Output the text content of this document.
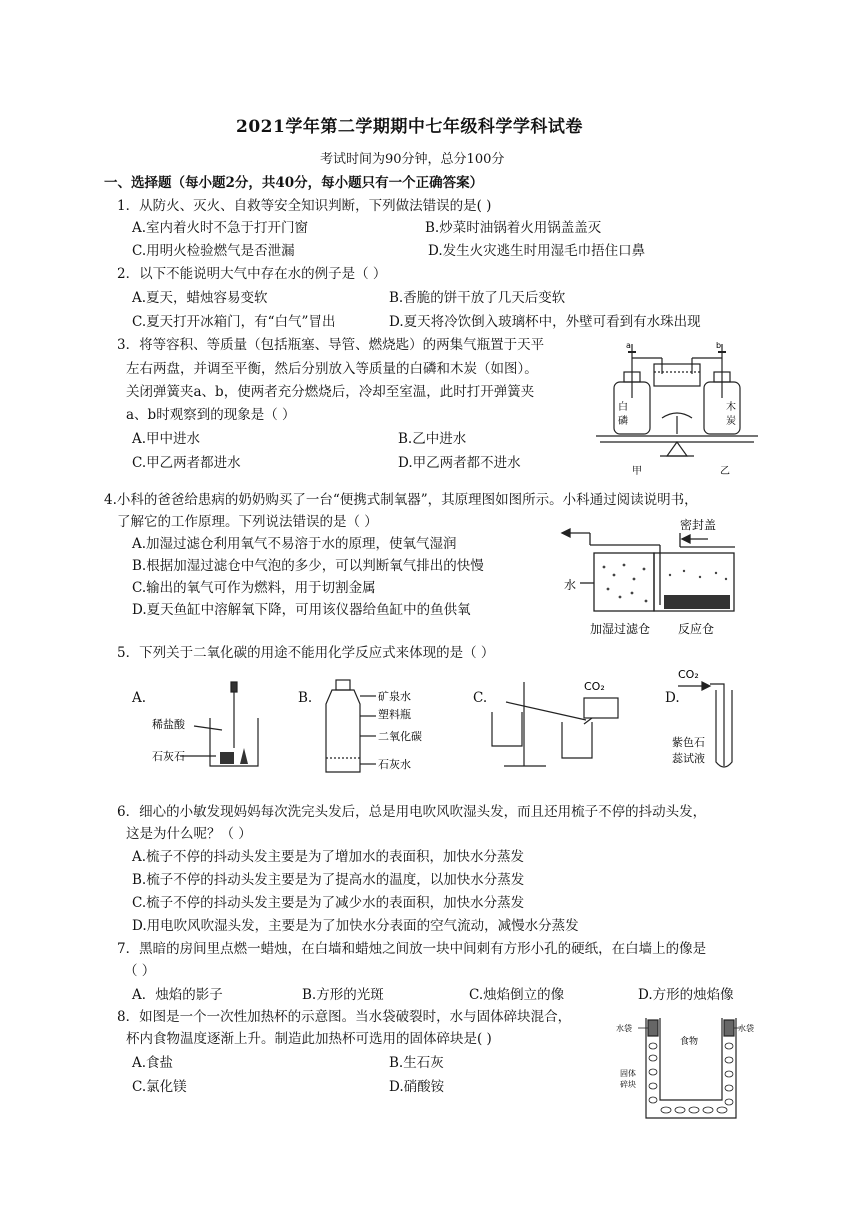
2021学年第二学期期中七年级科学学科试卷
考试时间为90分钟，总分100分
一、选择题（每小题2分，共40分，每小题只有一个正确答案）
1．从防火、灭火、自救等安全知识判断，下列做法错误的是( )
A.室内着火时不急于打开门窗	B.炒菜时油锅着火用锅盖盖灭
C.用明火检验燃气是否泄漏	D.发生火灾逃生时用湿毛巾捂住口鼻
2．以下不能说明大气中存在水的例子是（ ）
A.夏天，蜡烛容易变软	B.香脆的饼干放了几天后变软
C.夏天打开冰箱门，有“白气”冒出	D.夏天将冷饮倒入玻璃杯中，外壁可看到有水珠出现
3．将等容积、等质量（包括瓶塞、导管、燃烧匙）的两集气瓶置于天平
左右两盘，并调至平衡，然后分别放入等质量的白磷和木炭（如图）。
关闭弹簧夹a、b，使两者充分燃烧后，冷却至室温，此时打开弹簧夹
a、b时观察到的现象是（ ）
A.甲中进水	B.乙中进水
C.甲乙两者都进水	D.甲乙两者都不进水
a	b
白
磷
木
炭
甲	乙
4.小科的爸爸给患病的奶奶购买了一台“便携式制氧器”，其原理图如图所示。小科通过阅读说明书，
了解它的工作原理。下列说法错误的是（ ）
A.加湿过滤仓利用氧气不易溶于水的原理，使氧气湿润
B.根据加湿过滤仓中气泡的多少，可以判断氧气排出的快慢
C.输出的氧气可作为燃料，用于切割金属
D.夏天鱼缸中溶解氧下降，可用该仪器给鱼缸中的鱼供氧
密封盖
水
加湿过滤仓 反应仓
5．下列关于二氧化碳的用途不能用化学反应式来体现的是（ ）
A.	B.	C.	D.
稀盐酸
石灰石
矿泉水
塑料瓶
二氧化碳
石灰水
CO₂
CO₂
紫色石
蕊试液
6．细心的小敏发现妈妈每次洗完头发后，总是用电吹风吹湿头发，而且还用梳子不停的抖动头发，
这是为什么呢？（ ）
A.梳子不停的抖动头发主要是为了增加水的表面积，加快水分蒸发
B.梳子不停的抖动头发主要是为了提高水的温度，以加快水分蒸发
C.梳子不停的抖动头发主要是为了减少水的表面积，加快水分蒸发
D.用电吹风吹湿头发，主要是为了加快水分表面的空气流动，减慢水分蒸发
7．黑暗的房间里点燃一蜡烛，在白墙和蜡烛之间放一块中间刺有方形小孔的硬纸，在白墙上的像是
（ ）
A．烛焰的影子	B.方形的光斑	C.烛焰倒立的像	D.方形的烛焰像
8．如图是一个一次性加热杯的示意图。当水袋破裂时，水与固体碎块混合，
杯内食物温度逐渐上升。制造此加热杯可选用的固体碎块是( )
A.食盐	B.生石灰
C.氯化镁	D.硝酸铵
水袋	水袋
食物
固体
碎块
